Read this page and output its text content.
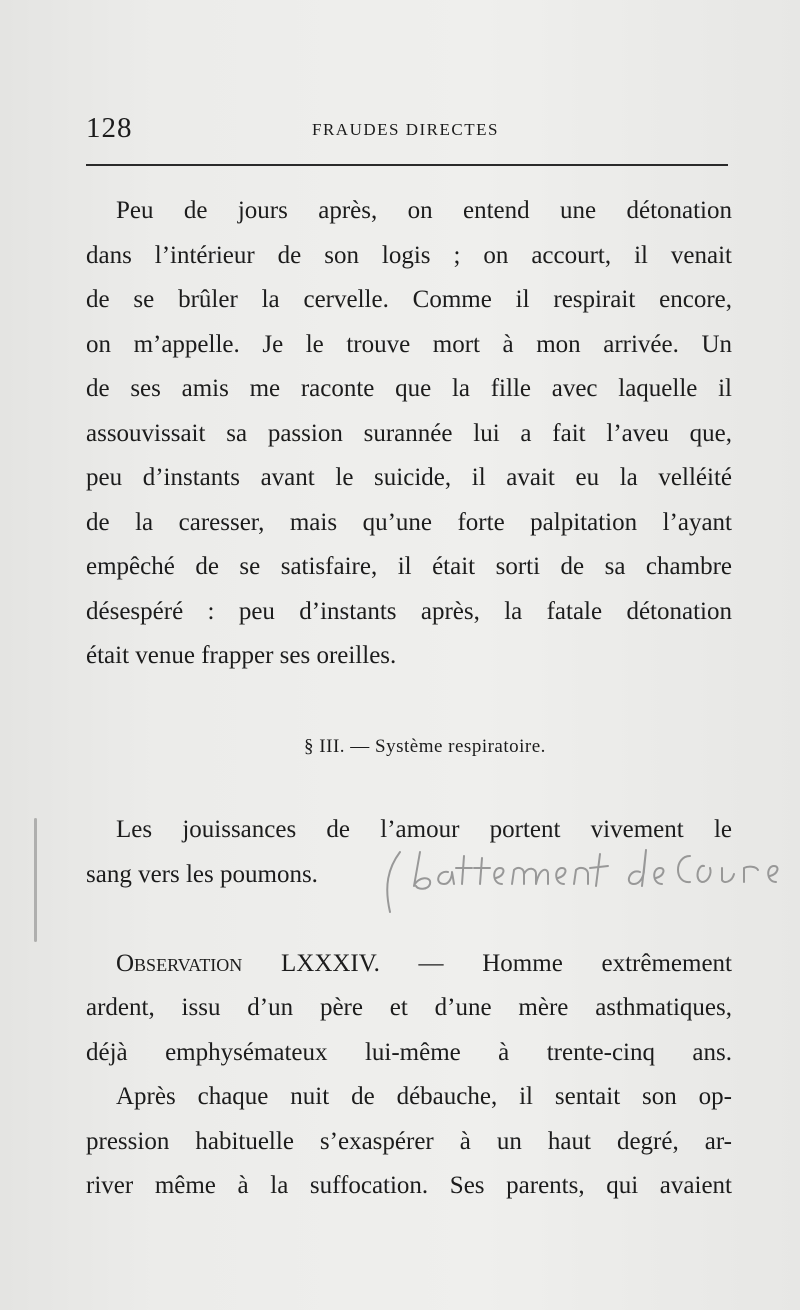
128	FRAUDES DIRECTES
Peu de jours après, on entend une détonation
dans l’intérieur de son logis ; on accourt, il venait
de se brûler la cervelle. Comme il respirait encore,
on m’appelle. Je le trouve mort à mon arrivée. Un
de ses amis me raconte que la fille avec laquelle il
assouvissait sa passion surannée lui a fait l’aveu que,
peu d’instants avant le suicide, il avait eu la velléité
de la caresser, mais qu’une forte palpitation l’ayant
empêché de se satisfaire, il était sorti de sa chambre
désespéré : peu d’instants après, la fatale détonation
était venue frapper ses oreilles.
§ III. — Système respiratoire.
Les jouissances de l’amour portent vivement le
sang vers les poumons.
Observation LXXXIV. — Homme extrêmement
ardent, issu d’un père et d’une mère asthmatiques,
déjà emphysémateux lui-même à trente-cinq ans.
Après chaque nuit de débauche, il sentait son op-
pression habituelle s’exaspérer à un haut degré, ar-
river même à la suffocation. Ses parents, qui avaient
